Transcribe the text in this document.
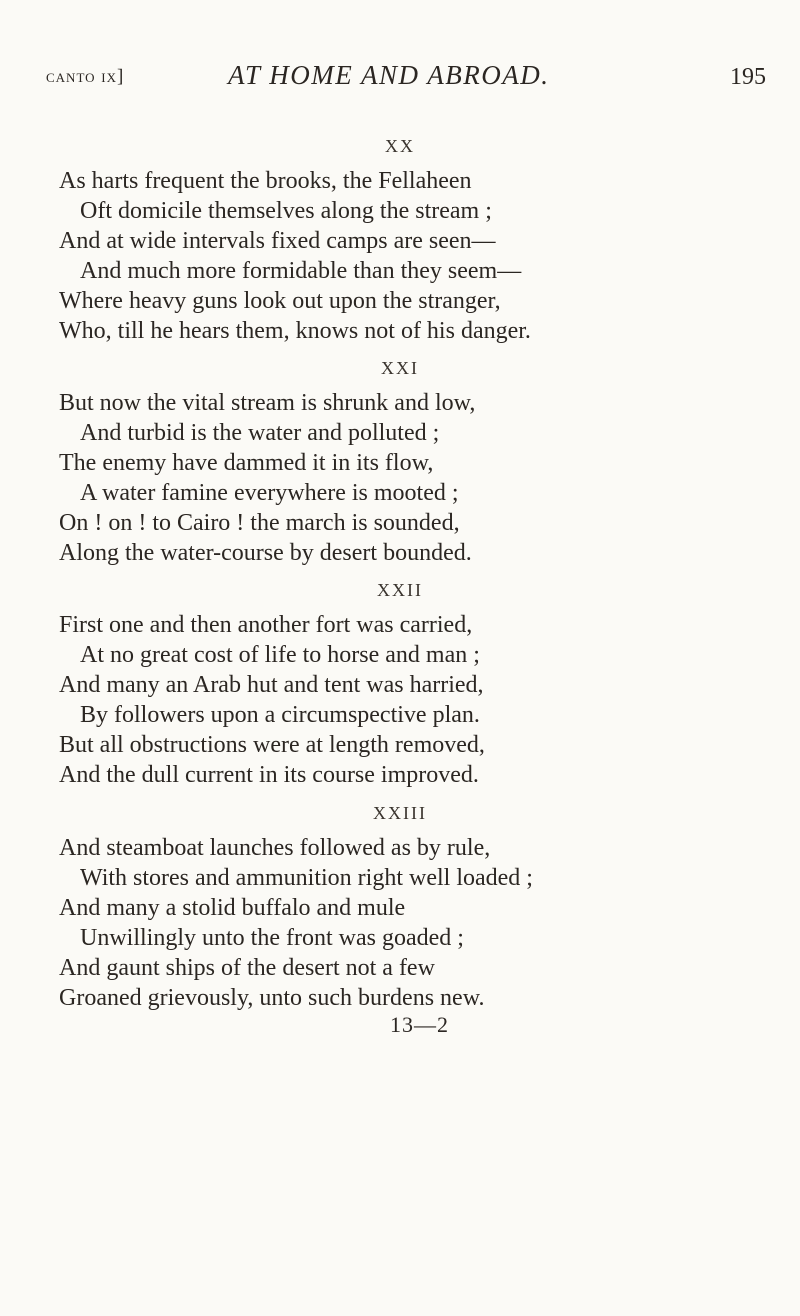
canto ix]	AT HOME AND ABROAD.	195
XX
As harts frequent the brooks, the Fellaheen
Oft domicile themselves along the stream ;
And at wide intervals fixed camps are seen—
And much more formidable than they seem—
Where heavy guns look out upon the stranger,
Who, till he hears them, knows not of his danger.
XXI
But now the vital stream is shrunk and low,
And turbid is the water and polluted ;
The enemy have dammed it in its flow,
A water famine everywhere is mooted ;
On ! on ! to Cairo ! the march is sounded,
Along the water-course by desert bounded.
XXII
First one and then another fort was carried,
At no great cost of life to horse and man ;
And many an Arab hut and tent was harried,
By followers upon a circumspective plan.
But all obstructions were at length removed,
And the dull current in its course improved.
XXIII
And steamboat launches followed as by rule,
With stores and ammunition right well loaded ;
And many a stolid buffalo and mule
Unwillingly unto the front was goaded ;
And gaunt ships of the desert not a few
Groaned grievously, unto such burdens new.
13—2
